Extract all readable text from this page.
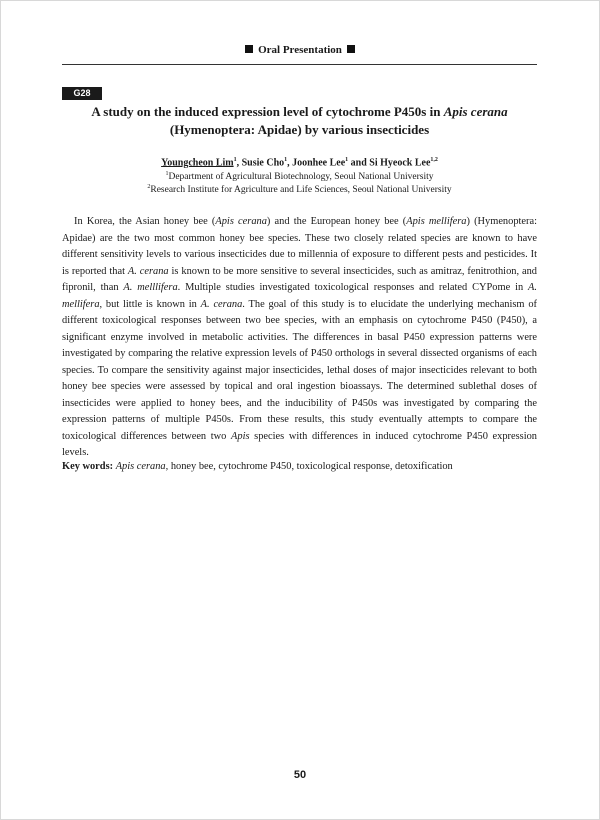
Oral Presentation
G28
A study on the induced expression level of cytochrome P450s in Apis cerana
(Hymenoptera: Apidae) by various insecticides
Youngcheon Lim$^1$, Susie Cho$^1$, Joonhee Lee$^1$ and Si Hyeock Lee$^{1,2}$
$^1$Department of Agricultural Biotechnology, Seoul National University
$^2$Research Institute for Agriculture and Life Sciences, Seoul National University
In Korea, the Asian honey bee (Apis cerana) and the European honey bee (Apis mellifera) (Hymenoptera: Apidae) are the two most common honey bee species. These two closely related species are known to have different sensitivity levels to various insecticides due to millennia of exposure to different pests and pesticides. It is reported that A. cerana is known to be more sensitive to several insecticides, such as amitraz, fenitrothion, and fipronil, than A. melllifera. Multiple studies investigated toxicological responses and related CYPome in A. mellifera, but little is known in A. cerana. The goal of this study is to elucidate the underlying mechanism of different toxicological responses between two bee species, with an emphasis on cytochrome P450 (P450), a significant enzyme involved in metabolic activities. The differences in basal P450 expression patterns were investigated by comparing the relative expression levels of P450 orthologs in several dissected organisms of each species. To compare the sensitivity against major insecticides, lethal doses of major insecticides relevant to both honey bee species were assessed by topical and oral ingestion bioassays. The determined sublethal doses of insecticides were applied to honey bees, and the inducibility of P450s was investigated by comparing the expression patterns of multiple P450s. From these results, this study eventually attempts to compare the toxicological differences between two Apis species with differences in induced cytochrome P450 expression levels.
Key words: Apis cerana, honey bee, cytochrome P450, toxicological response, detoxification
50
